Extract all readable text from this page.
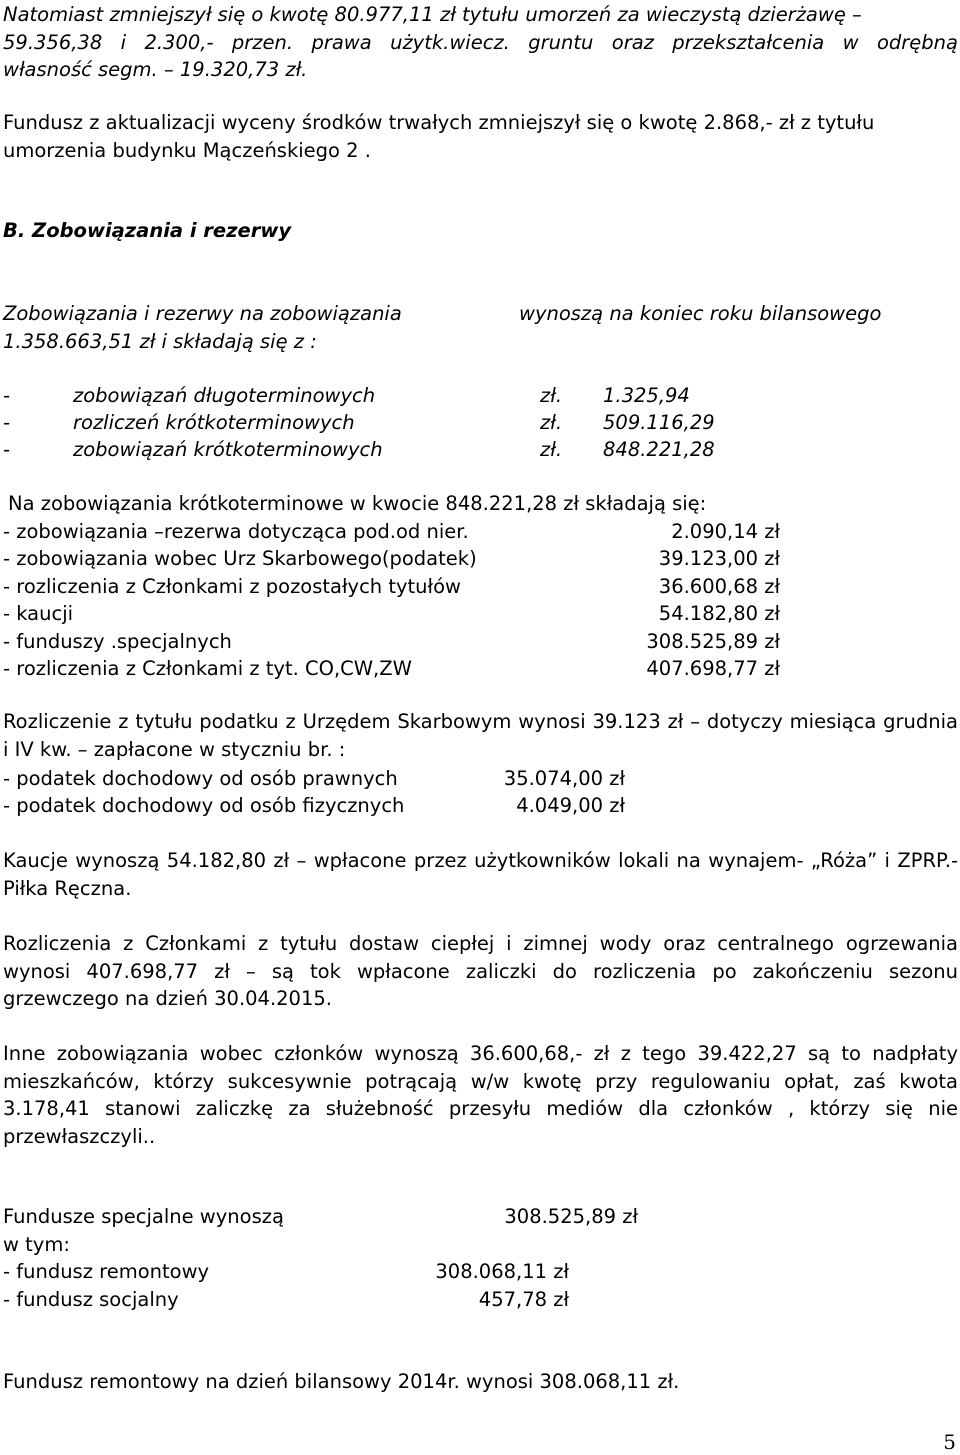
Natomiast zmniejszył się o kwotę 80.977,11 zł tytułu umorzeń za wieczystą dzierżawę –
59.356,38 i 2.300,- przen. prawa użytk.wiecz. gruntu oraz przekształcenia w odrębną
własność segm. – 19.320,73 zł.
Fundusz z aktualizacji wyceny środków trwałych zmniejszył się o kwotę 2.868,- zł z tytułu
umorzenia budynku Mączeńskiego 2 .
B. Zobowiązania i rezerwy
Zobowiązania i rezerwy na zobowiązania	wynoszą na koniec roku bilansowego
1.358.663,51 zł i składają się z :
-	zobowiązań długoterminowych	zł. 1.325,94
-	rozliczeń krótkoterminowych	zł. 509.116,29
-	zobowiązań krótkoterminowych	zł. 848.221,28
Na zobowiązania krótkoterminowe w kwocie 848.221,28 zł składają się:
- zobowiązania –rezerwa dotycząca pod.od nier.	2.090,14 zł
- zobowiązania wobec Urz Skarbowego(podatek)	39.123,00 zł
- rozliczenia z Członkami z pozostałych tytułów	36.600,68 zł
- kaucji	54.182,80 zł
- funduszy .specjalnych	308.525,89 zł
- rozliczenia z Członkami z tyt. CO,CW,ZW	407.698,77 zł
Rozliczenie z tytułu podatku z Urzędem Skarbowym wynosi 39.123 zł – dotyczy miesiąca grudnia i IV kw. – zapłacone w styczniu br. :
- podatek dochodowy od osób prawnych	35.074,00 zł
- podatek dochodowy od osób fizycznych	4.049,00 zł
Kaucje wynoszą 54.182,80 zł – wpłacone przez użytkowników lokali na wynajem- „Róża” i ZPRP.- Piłka Ręczna.
Rozliczenia z Członkami z tytułu dostaw ciepłej i zimnej wody oraz centralnego ogrzewania wynosi 407.698,77 zł – są tok wpłacone zaliczki do rozliczenia po zakończeniu sezonu grzewczego na dzień 30.04.2015.
Inne zobowiązania wobec członków wynoszą 36.600,68,- zł z tego 39.422,27 są to nadpłaty mieszkańców, którzy sukcesywnie potrącają w/w kwotę przy regulowaniu opłat, zaś kwota 3.178,41 stanowi zaliczkę za służebność przesyłu mediów dla członków , którzy się nie przewłaszczyli..
Fundusze specjalne wynoszą	308.525,89 zł
w tym:
- fundusz remontowy	308.068,11 zł
- fundusz socjalny	457,78 zł
Fundusz remontowy na dzień bilansowy 2014r. wynosi 308.068,11 zł.
5
